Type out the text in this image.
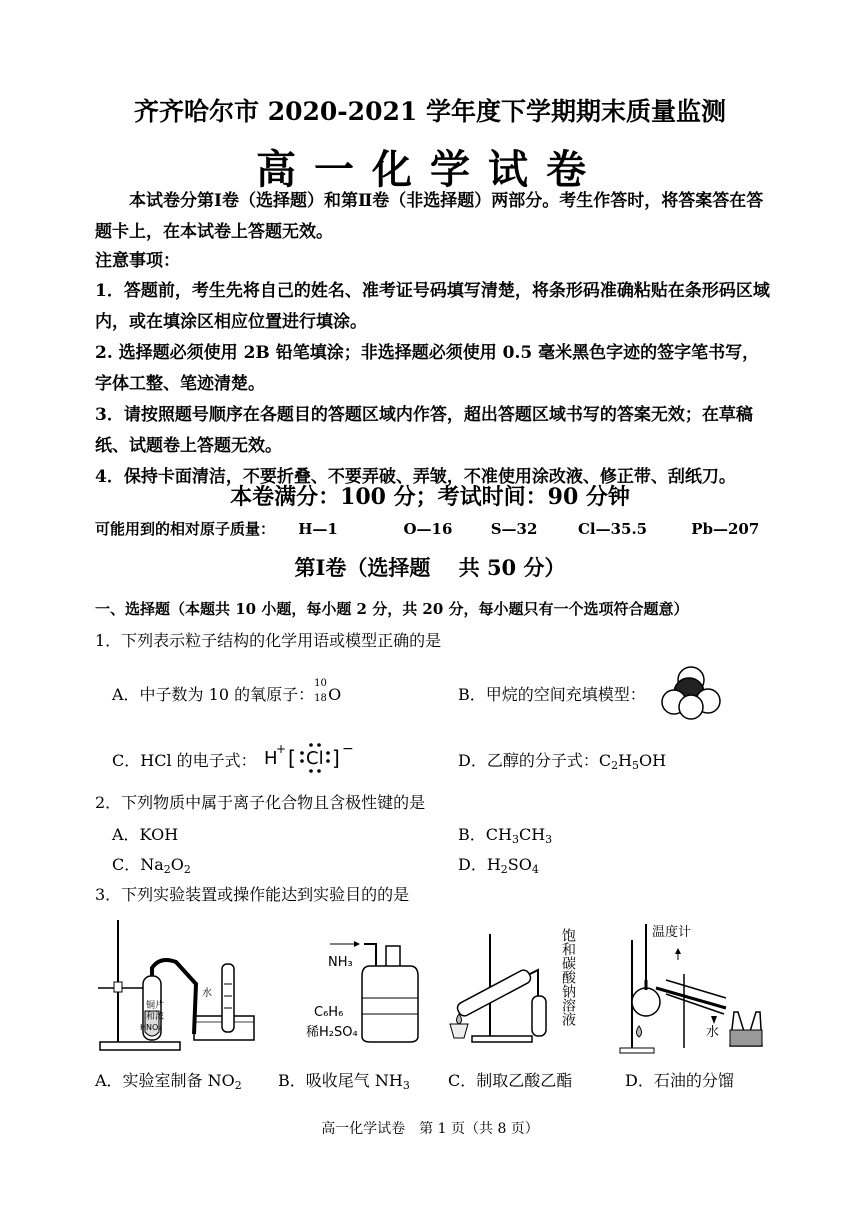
齐齐哈尔市 2020-2021 学年度下学期期末质量监测
高一化学试卷
本试卷分第Ⅰ卷（选择题）和第Ⅱ卷（非选择题）两部分。考生作答时，将答案答在答题卡上，在本试卷上答题无效。
注意事项：
1．答题前，考生先将自己的姓名、准考证号码填写清楚，将条形码准确粘贴在条形码区域内，或在填涂区相应位置进行填涂。
2. 选择题必须使用 2B 铅笔填涂；非选择题必须使用 0.5 毫米黑色字迹的签字笔书写，字体工整、笔迹清楚。
3．请按照题号顺序在各题目的答题区域内作答，超出答题区域书写的答案无效；在草稿纸、试题卷上答题无效。
4．保持卡面清洁，不要折叠、不要弄破、弄皱，不准使用涂改液、修正带、刮纸刀。
本卷满分：100 分；考试时间：90 分钟
可能用到的相对原子质量： H—1	O—16	S—32	Cl—35.5	Pb—207
第Ⅰ卷（选择题　 共 50 分）
一、选择题（本题共 10 小题，每小题 2 分，共 20 分，每小题只有一个选项符合题意）
1．下列表示粒子结构的化学用语或模型正确的是
A．中子数为 10 的氧原子：
10
18 O	B．甲烷的空间充填模型：
C．HCl 的电子式： H
+ [ Cl ] −
D．乙醇的分子式：$C_2H_5OH$
2．下列物质中属于离子化合物且含极性键的是
A．KOH	B．$CH_3CH_3$
C．$Na_2O_2$	D．$H_2SO_4$
3．下列实验装置或操作能达到实验目的的是
铜片
和浓
HNO₃
水
NH₃
C₆H₆
稀H₂SO₄
饱和碳酸钠溶液	温度计
水
A．实验室制备 $NO_2$ B．吸收尾气 $NH_3$ C．制取乙酸乙酯	D．石油的分馏
高一化学试卷　第 1 页（共 8 页）
